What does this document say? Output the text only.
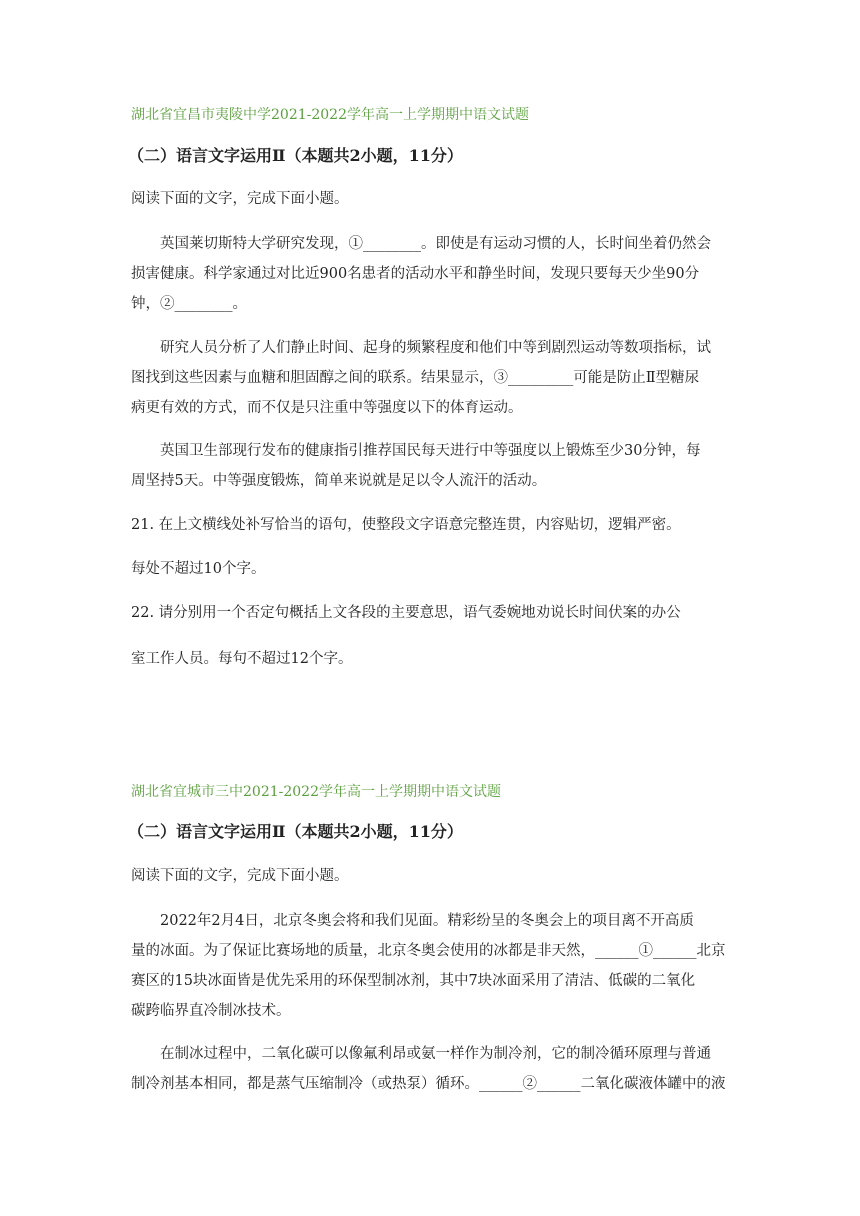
湖北省宜昌市夷陵中学2021-2022学年高一上学期期中语文试题
（二）语言文字运用Ⅱ（本题共2小题，11分）
阅读下面的文字，完成下面小题。
英国莱切斯特大学研究发现，①________。即使是有运动习惯的人，长时间坐着仍然会
损害健康。科学家通过对比近900名患者的活动水平和静坐时间，发现只要每天少坐90分
钟，②________。
研究人员分析了人们静止时间、起身的频繁程度和他们中等到剧烈运动等数项指标，试
图找到这些因素与血糖和胆固醇之间的联系。结果显示，③_________可能是防止Ⅱ型糖尿
病更有效的方式，而不仅是只注重中等强度以下的体育运动。
英国卫生部现行发布的健康指引推荐国民每天进行中等强度以上锻炼至少30分钟，每
周坚持5天。中等强度锻炼，简单来说就是足以令人流汗的活动。
21. 在上文横线处补写恰当的语句，使整段文字语意完整连贯，内容贴切，逻辑严密。
每处不超过10个字。
22. 请分别用一个否定句概括上文各段的主要意思，语气委婉地劝说长时间伏案的办公
室工作人员。每句不超过12个字。
湖北省宜城市三中2021-2022学年高一上学期期中语文试题
（二）语言文字运用Ⅱ（本题共2小题，11分）
阅读下面的文字，完成下面小题。
2022年2月4日，北京冬奥会将和我们见面。精彩纷呈的冬奥会上的项目离不开高质
量的冰面。为了保证比赛场地的质量，北京冬奥会使用的冰都是非天然，______①______北京
赛区的15块冰面皆是优先采用的环保型制冰剂，其中7块冰面采用了清洁、低碳的二氧化
碳跨临界直冷制冰技术。
在制冰过程中，二氧化碳可以像氟利昂或氨一样作为制冷剂，它的制冷循环原理与普通
制冷剂基本相同，都是蒸气压缩制冷（或热泵）循环。______②______二氧化碳液体罐中的液
